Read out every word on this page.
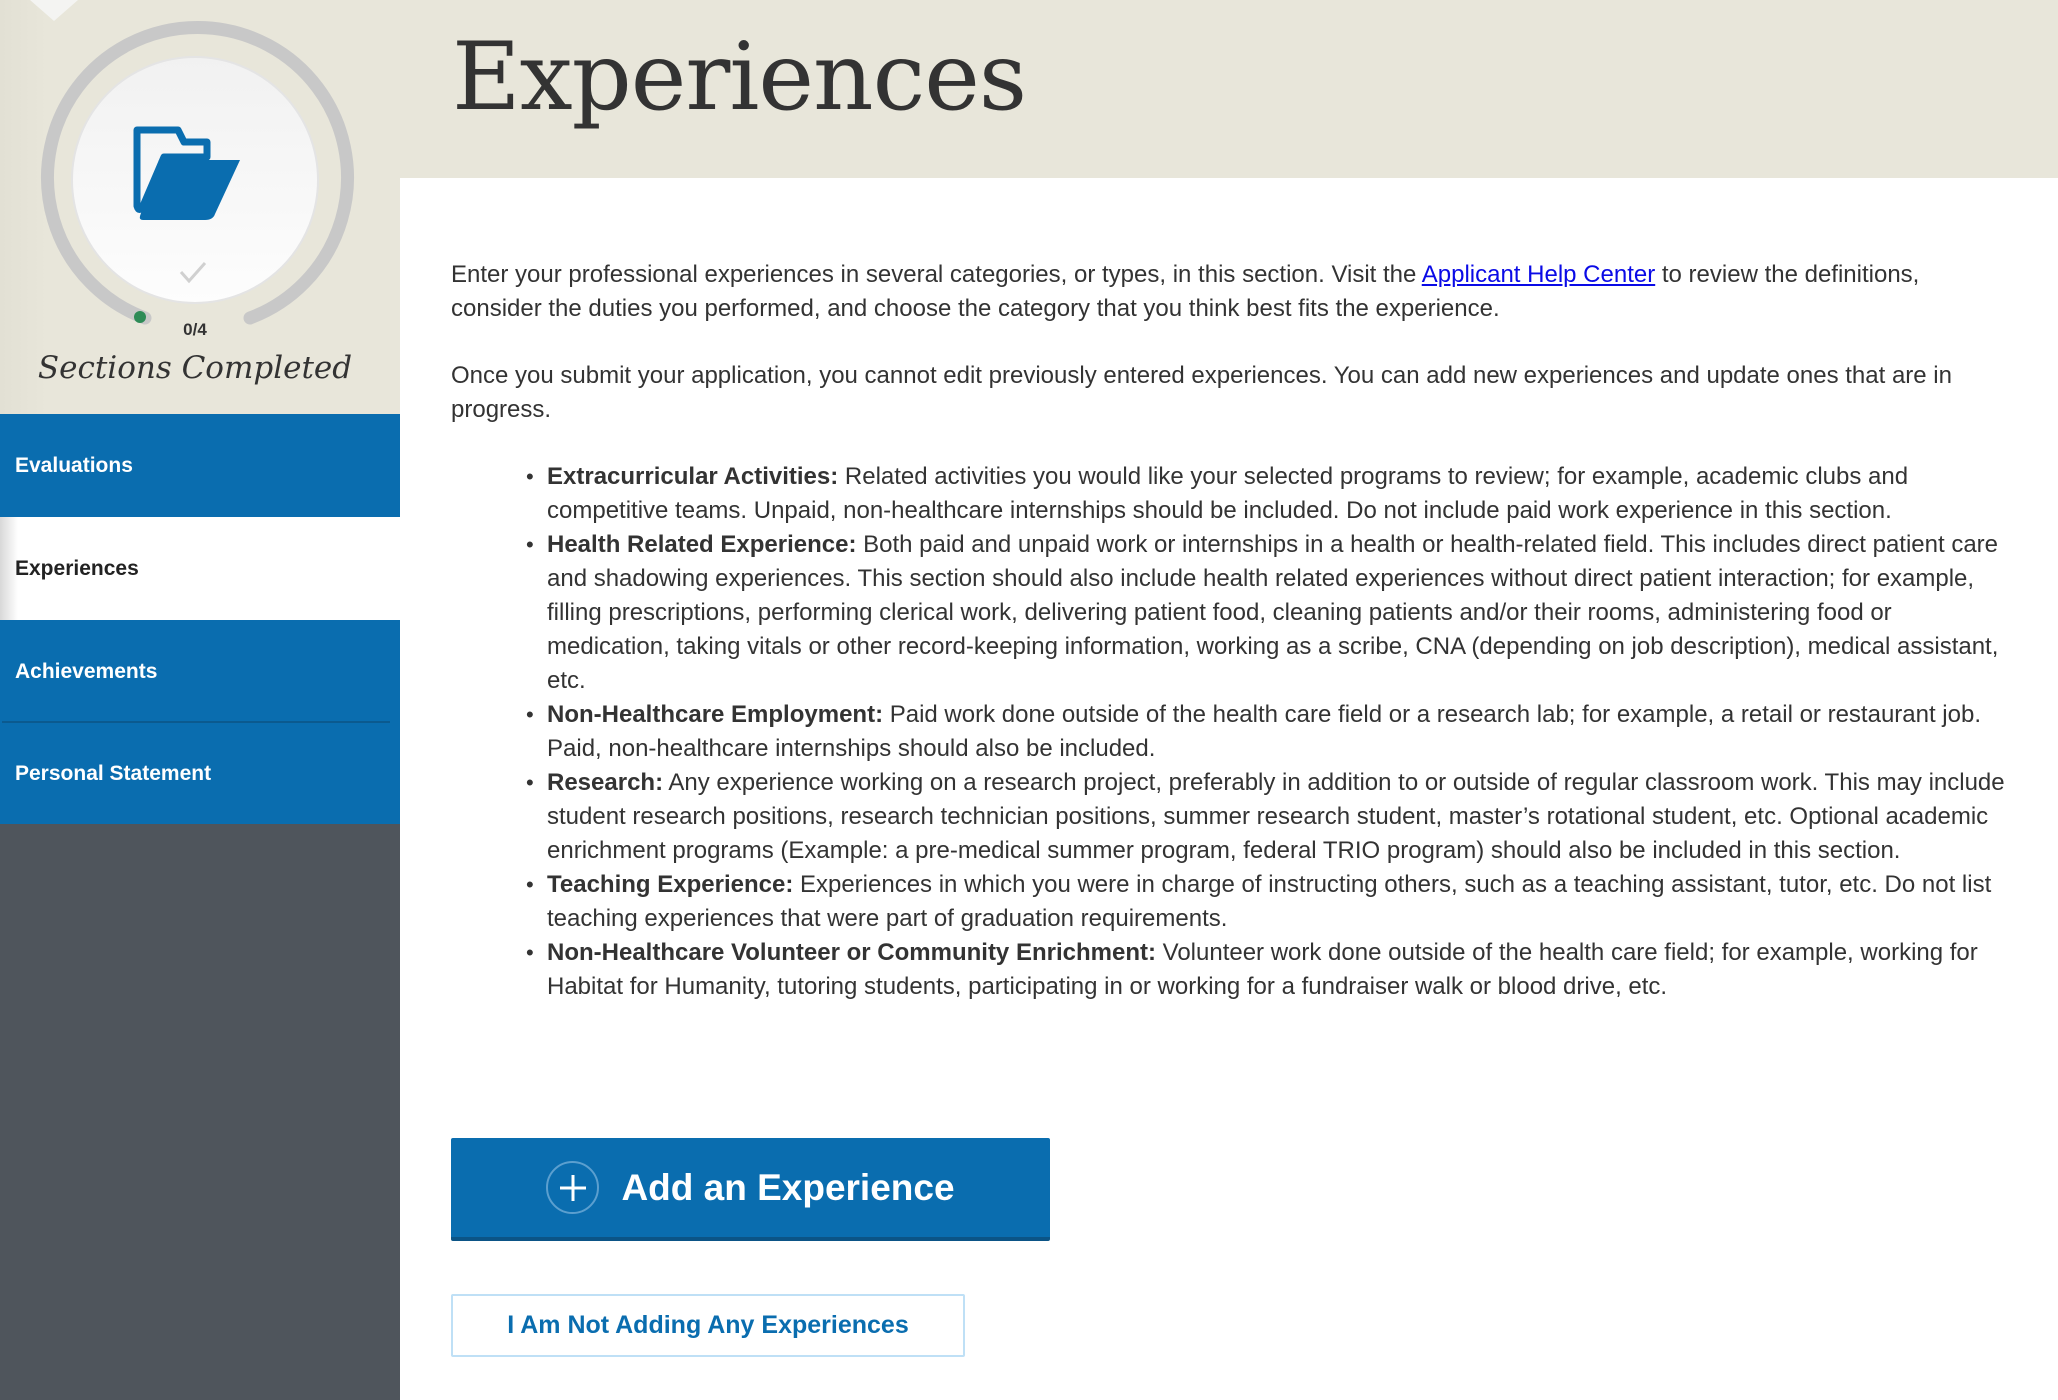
Experiences
0/4
Sections Completed
Evaluations
Experiences
Achievements
Personal Statement

Enter your professional experiences in several categories, or types, in this section. Visit the Applicant Help Center to review the definitions, consider the duties you performed, and choose the category that you think best fits the experience.

Once you submit your application, you cannot edit previously entered experiences. You can add new experiences and update ones that are in progress.

• Extracurricular Activities: Related activities you would like your selected programs to review; for example, academic clubs and competitive teams. Unpaid, non-healthcare internships should be included. Do not include paid work experience in this section.
• Health Related Experience: Both paid and unpaid work or internships in a health or health-related field. This includes direct patient care and shadowing experiences. This section should also include health related experiences without direct patient interaction; for example, filling prescriptions, performing clerical work, delivering patient food, cleaning patients and/or their rooms, administering food or medication, taking vitals or other record-keeping information, working as a scribe, CNA (depending on job description), medical assistant, etc.
• Non-Healthcare Employment: Paid work done outside of the health care field or a research lab; for example, a retail or restaurant job. Paid, non-healthcare internships should also be included.
• Research: Any experience working on a research project, preferably in addition to or outside of regular classroom work. This may include student research positions, research technician positions, summer research student, master’s rotational student, etc. Optional academic enrichment programs (Example: a pre-medical summer program, federal TRIO program) should also be included in this section.
• Teaching Experience: Experiences in which you were in charge of instructing others, such as a teaching assistant, tutor, etc. Do not list teaching experiences that were part of graduation requirements.
• Non-Healthcare Volunteer or Community Enrichment: Volunteer work done outside of the health care field; for example, working for Habitat for Humanity, tutoring students, participating in or working for a fundraiser walk or blood drive, etc.
Add an Experience
I Am Not Adding Any Experiences
